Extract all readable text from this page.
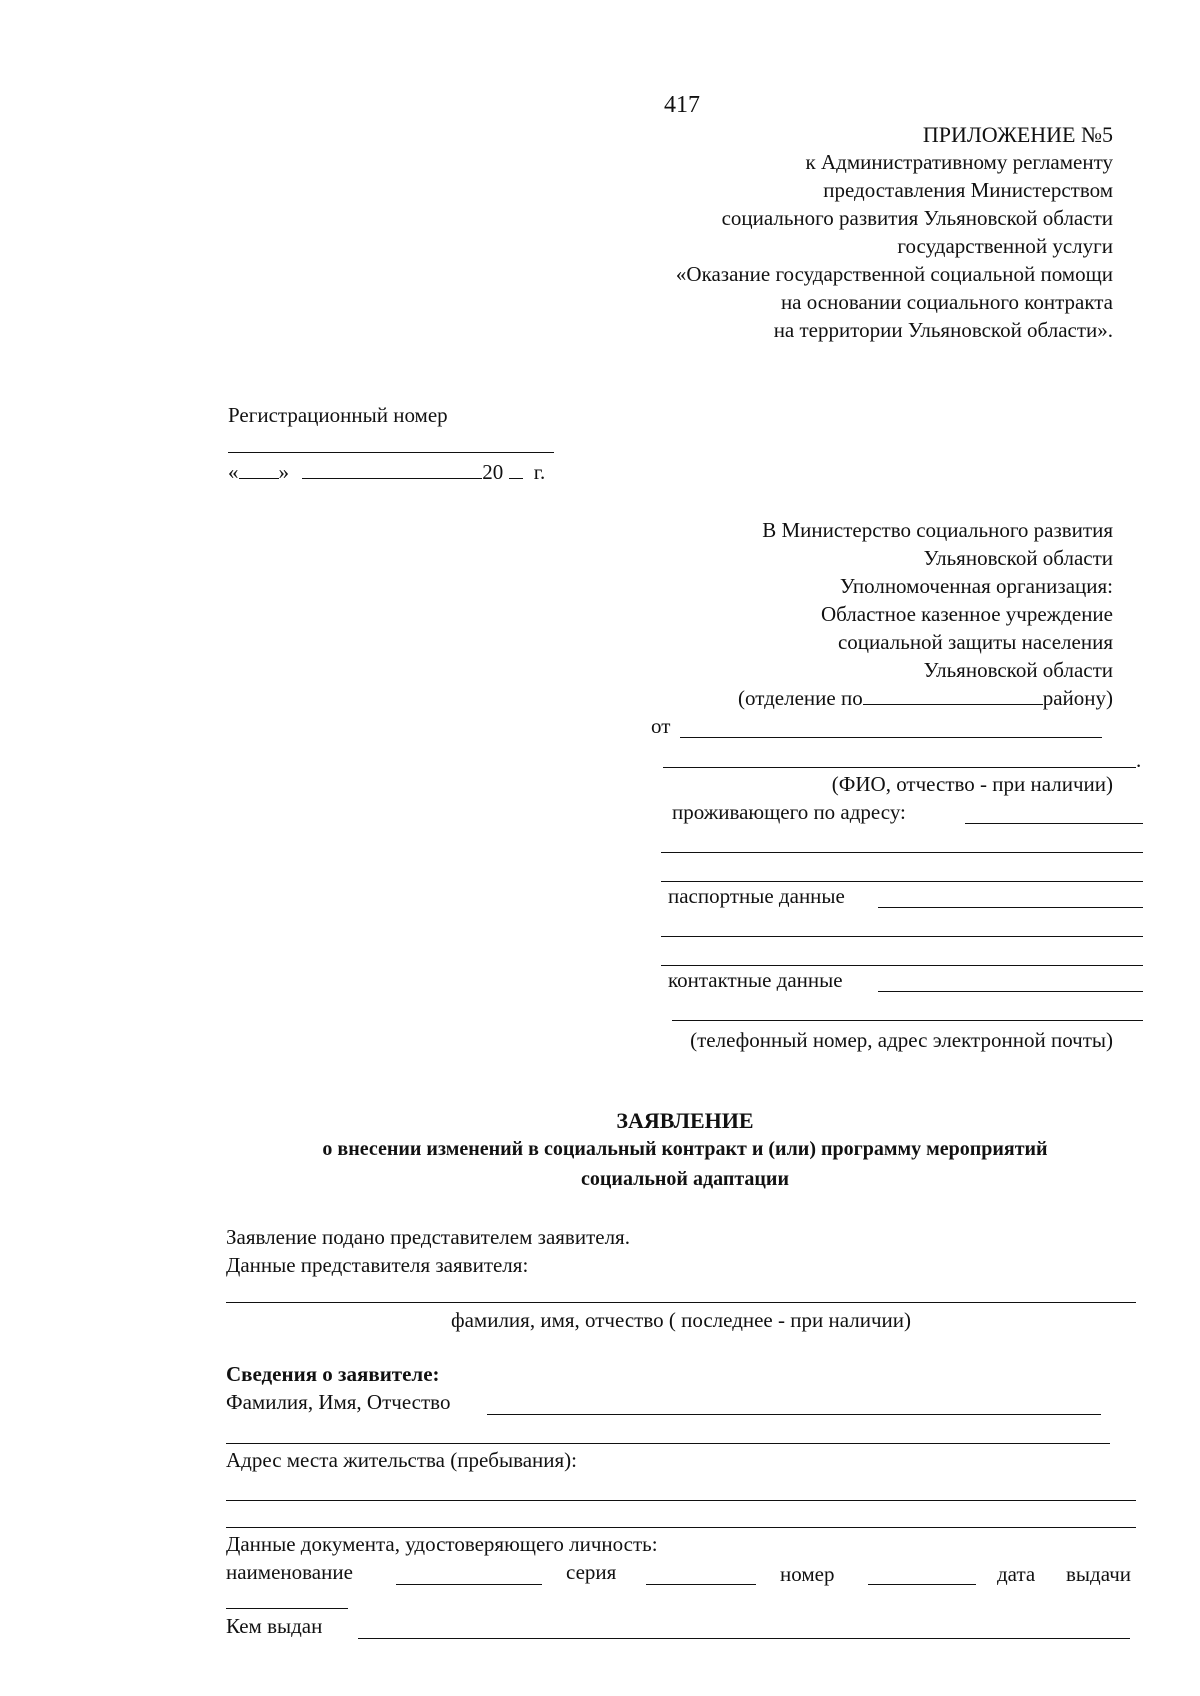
417
ПРИЛОЖЕНИЕ №5
к Административному регламенту
предоставления Министерством
социального развития Ульяновской области
государственной услуги
«Оказание государственной социальной помощи
на основании социального контракта
на территории Ульяновской области».
Регистрационный номер
« »	20 г.
В Министерство социального развития
Ульяновской области
Уполномоченная организация:
Областное казенное учреждение
социальной защиты населения
Ульяновской области
(отделение по	району)
от
.
(ФИО, отчество - при наличии)
проживающего по адресу:
паспортные данные
контактные данные
(телефонный номер, адрес электронной почты)
ЗАЯВЛЕНИЕ
о внесении изменений в социальный контракт и (или) программу мероприятий
социальной адаптации
Заявление подано представителем заявителя.
Данные представителя заявителя:
фамилия, имя, отчество ( последнее - при наличии)
Сведения о заявителе:
Фамилия, Имя, Отчество
Адрес места жительства (пребывания):
Данные документа, удостоверяющего личность:
наименование	серия	номер	дата выдачи
Кем выдан
